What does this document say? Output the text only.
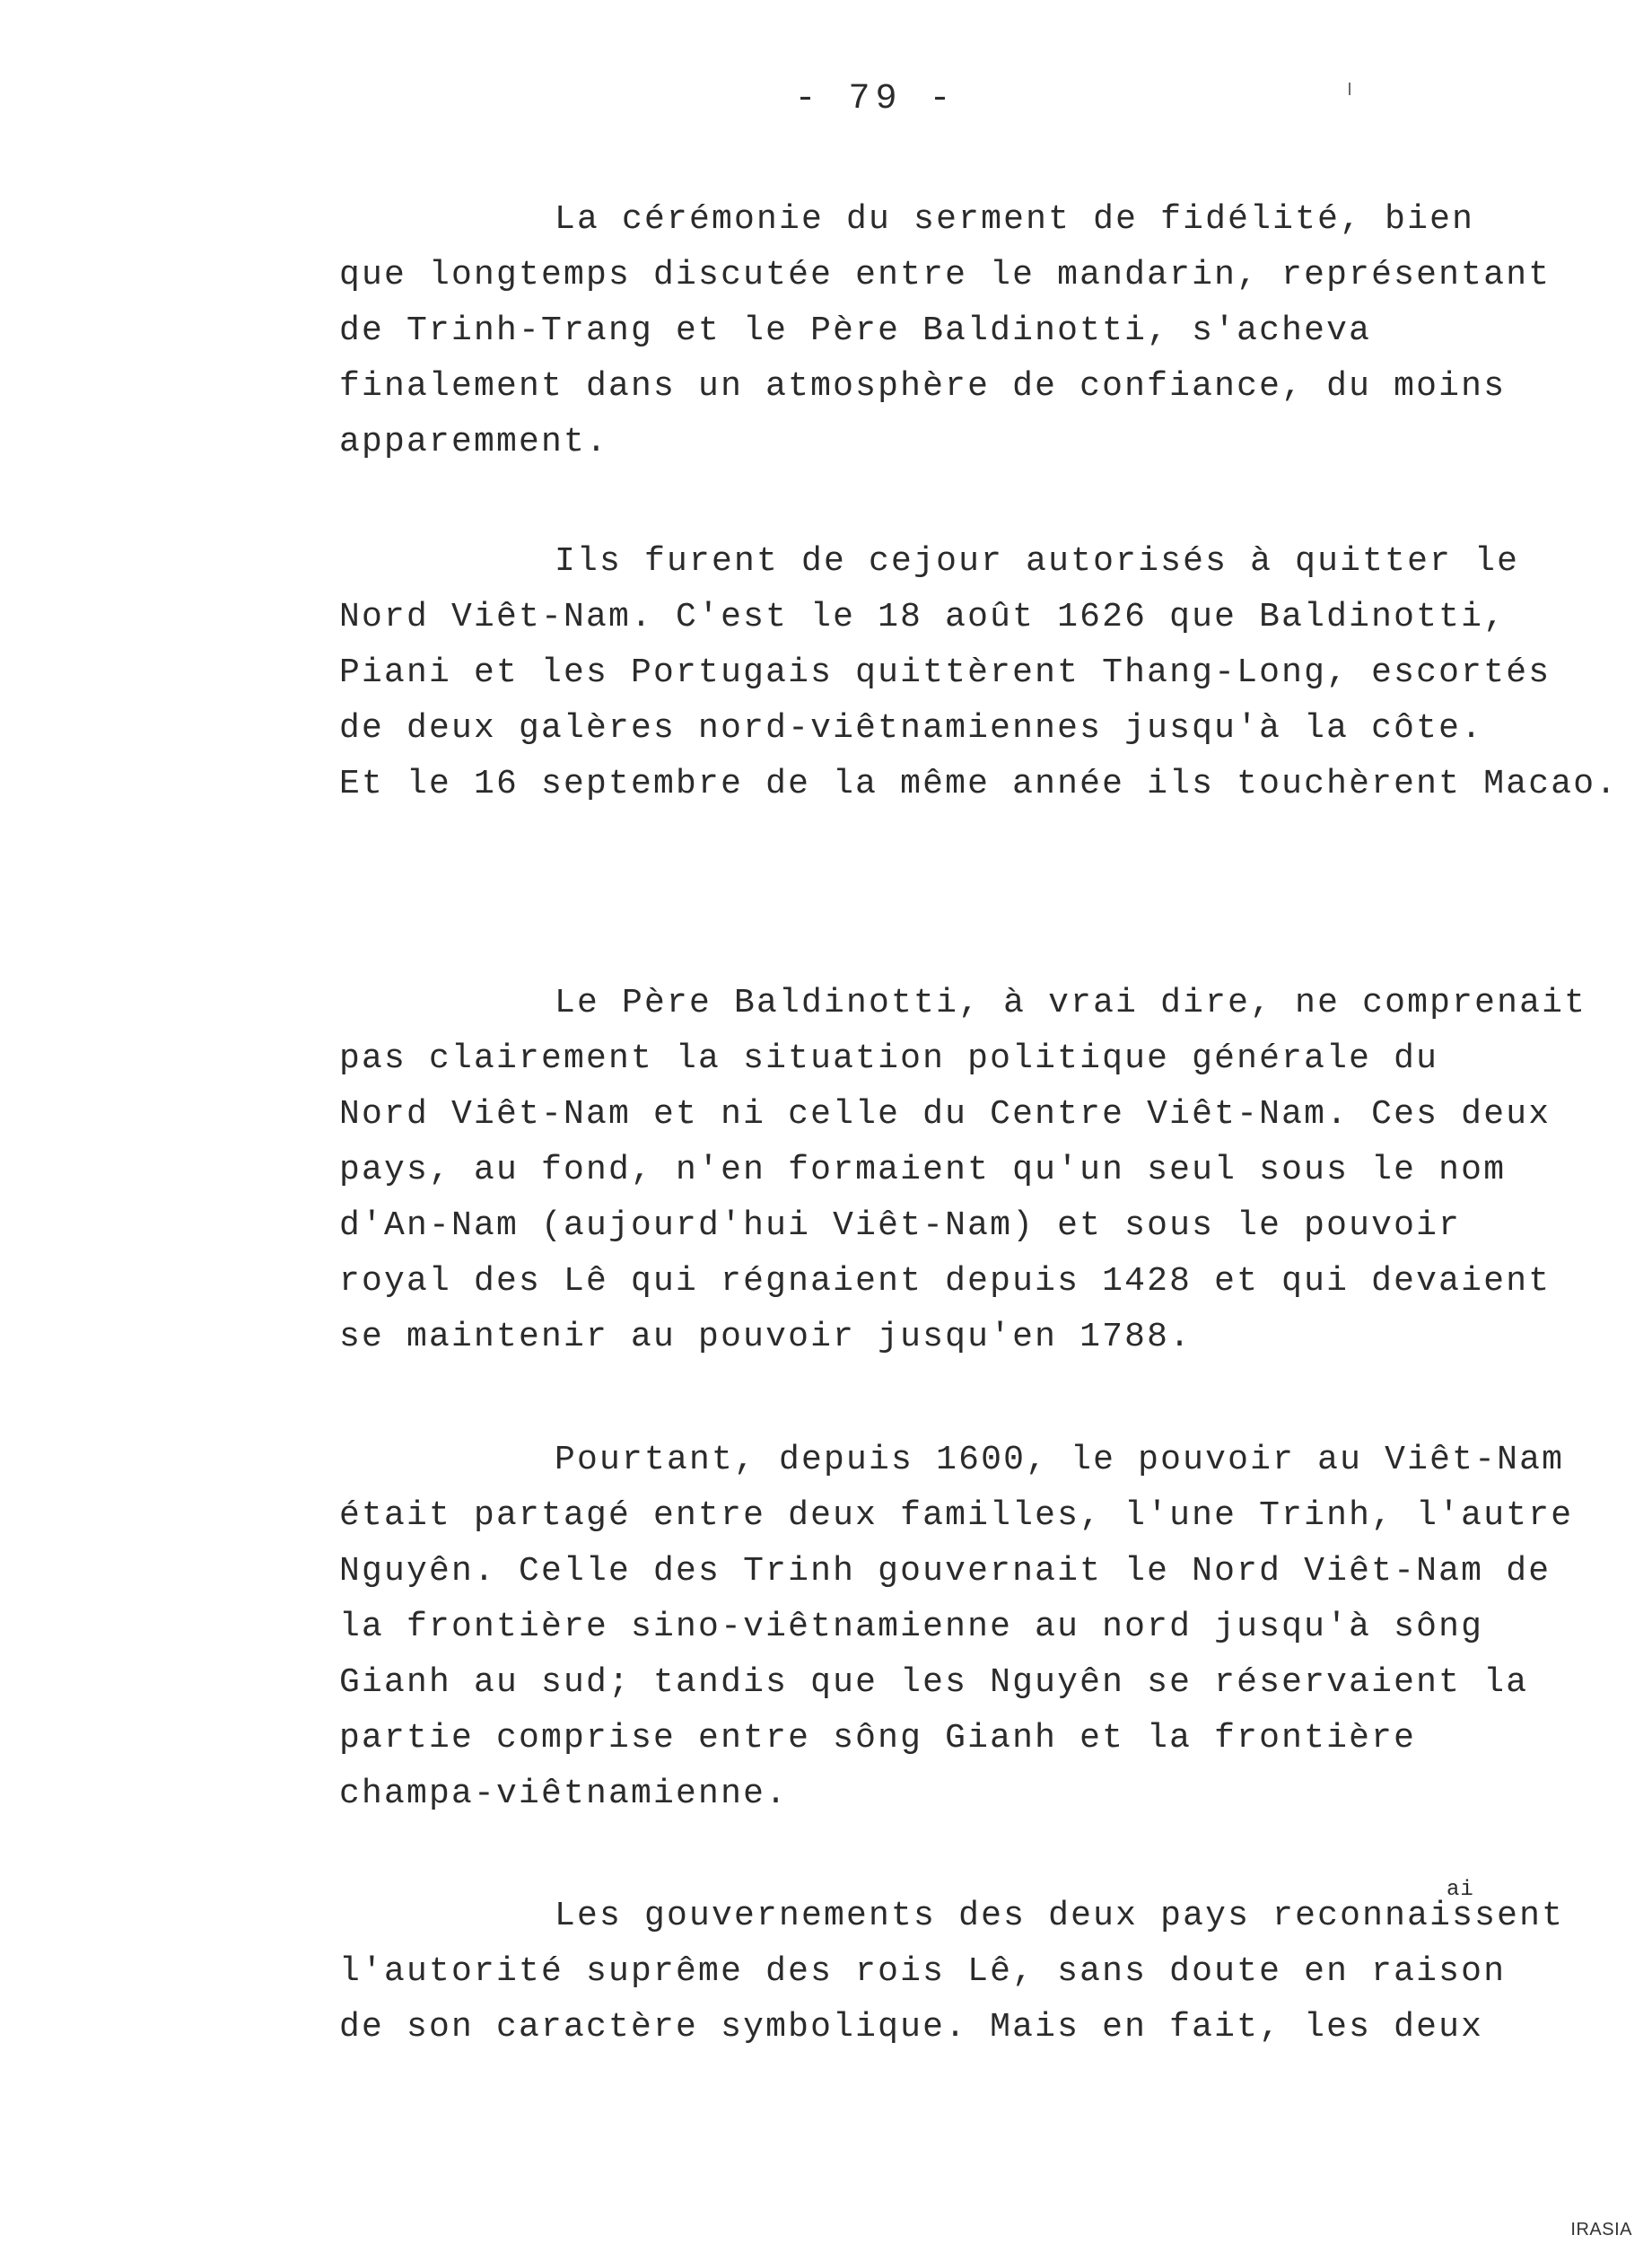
- 79 -
La cérémonie du serment de fidélité, bien
que longtemps discutée entre le mandarin, représentant
de Trinh-Trang et le Père Baldinotti, s'acheva
finalement dans un atmosphère de confiance, du moins
apparemment.
Ils furent de cejour autorisés à quitter le
Nord Viêt-Nam. C'est le 18 août 1626 que Baldinotti,
Piani et les Portugais quittèrent Thang-Long, escortés
de deux galères nord-viêtnamiennes jusqu'à la côte.
Et le 16 septembre de la même année ils touchèrent Macao.
Le Père Baldinotti, à vrai dire, ne comprenait
pas clairement la situation politique générale du
Nord Viêt-Nam et ni celle du Centre Viêt-Nam. Ces deux
pays, au fond, n'en formaient qu'un seul sous le nom
d'An-Nam (aujourd'hui Viêt-Nam) et sous le pouvoir
royal des Lê qui régnaient depuis 1428 et qui devaient
se maintenir au pouvoir jusqu'en 1788.
Pourtant, depuis 1600, le pouvoir au Viêt-Nam
était partagé entre deux familles, l'une Trinh, l'autre
Nguyên. Celle des Trinh gouvernait le Nord Viêt-Nam de
la frontière sino-viêtnamienne au nord jusqu'à sông
Gianh au sud; tandis que les Nguyên se réservaient la
partie comprise entre sông Gianh et la frontière
champa-viêtnamienne.
ai
Les gouvernements des deux pays reconnaissent
l'autorité suprême des rois Lê, sans doute en raison
de son caractère symbolique. Mais en fait, les deux
IRASIA
